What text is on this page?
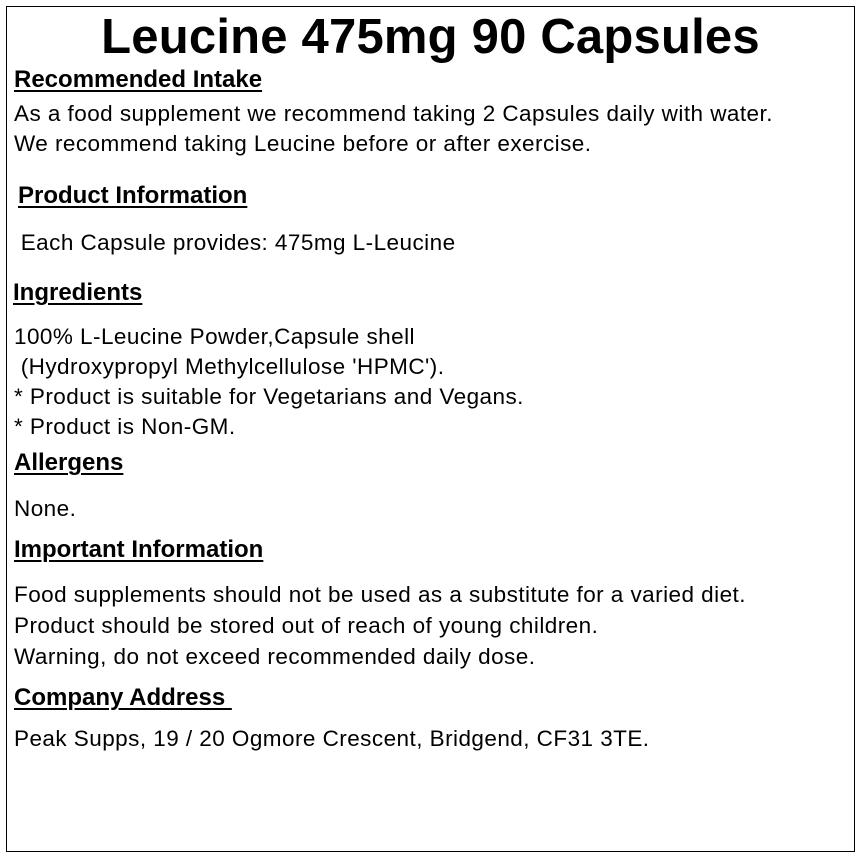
Leucine 475mg 90 Capsules
Recommended Intake
As a food supplement we recommend taking 2 Capsules daily with water.
We recommend taking Leucine before or after exercise.
Product Information
Each Capsule provides: 475mg L-Leucine
Ingredients
100% L-Leucine Powder,Capsule shell
(Hydroxypropyl Methylcellulose 'HPMC').
* Product is suitable for Vegetarians and Vegans.
* Product is Non-GM.
Allergens
None.
Important Information
Food supplements should not be used as a substitute for a varied diet.
Product should be stored out of reach of young children.
Warning, do not exceed recommended daily dose.
Company Address
Peak Supps, 19 / 20 Ogmore Crescent, Bridgend, CF31 3TE.
